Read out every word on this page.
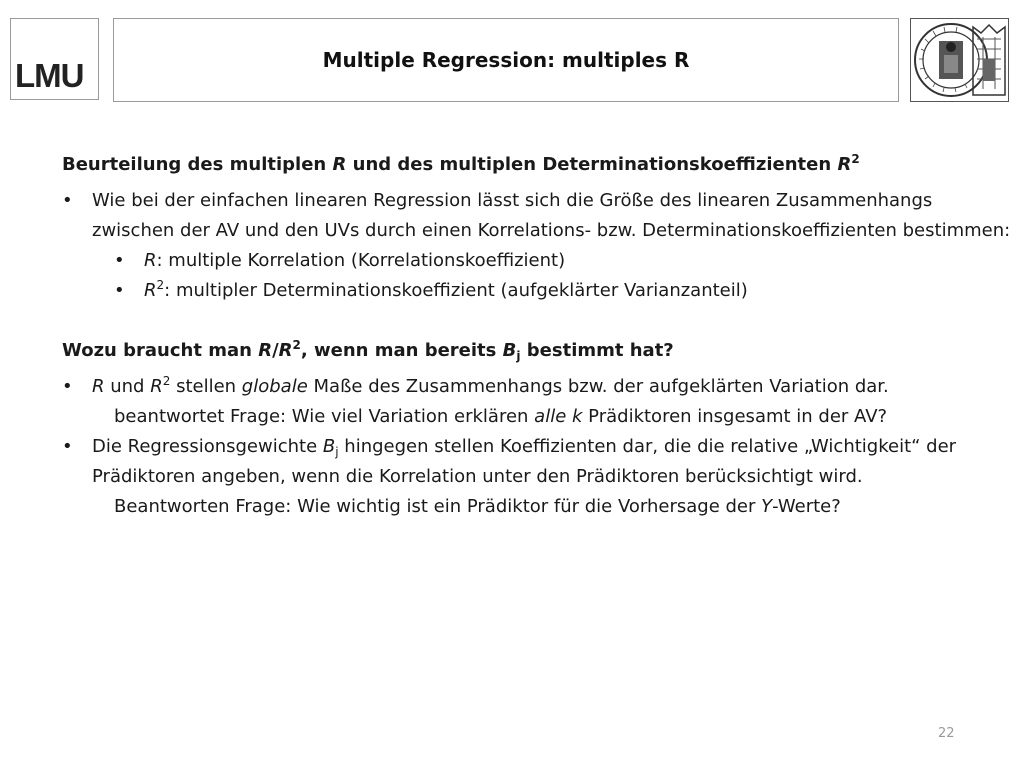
LMU	Multiple Regression: multiples R

Beurteilung des multiplen R und des multiplen Determinationskoeffizienten $R^2$

• Wie bei der einfachen linearen Regression lässt sich die Größe des linearen Zusammenhangs zwischen der AV und den UVs durch einen Korrelations- bzw. Determinationskoeffizienten bestimmen:

• R: multiple Korrelation (Korrelationskoeffizient)

• $R^2$: multipler Determinationskoeffizient (aufgeklärter Varianzanteil)

Wozu braucht man $R/R^2$, wenn man bereits $B_j$ bestimmt hat?

• R und $R^2$ stellen globale Maße des Zusammenhangs bzw. der aufgeklärten Variation dar.

beantwortet Frage: Wie viel Variation erklären alle k Prädiktoren insgesamt in der AV?

• Die Regressionsgewichte $B_j$ hingegen stellen Koeffizienten dar, die die relative „Wichtigkeit“ der Prädiktoren angeben, wenn die Korrelation unter den Prädiktoren berücksichtigt wird.

Beantworten Frage: Wie wichtig ist ein Prädiktor für die Vorhersage der Y-Werte?

22
